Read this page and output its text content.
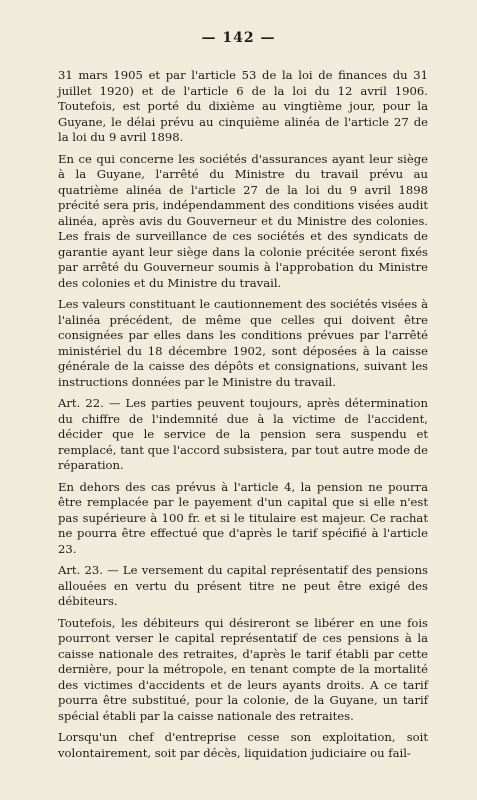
— 142 —

31 mars 1905 et par l'article 53 de la loi de finances du 31 juillet 1920) et de l'article 6 de la loi du 12 avril 1906. Toutefois, est porté du dixième au vingtième jour, pour la Guyane, le délai prévu au cinquième alinéa de l'article 27 de la loi du 9 avril 1898.

En ce qui concerne les sociétés d'assurances ayant leur siège à la Guyane, l'arrêté du Ministre du travail prévu au quatrième alinéa de l'article 27 de la loi du 9 avril 1898 précité sera pris, indépendamment des conditions visées audit alinéa, après avis du Gouverneur et du Ministre des colonies. Les frais de surveillance de ces sociétés et des syndicats de garantie ayant leur siège dans la colonie précitée seront fixés par arrêté du Gouverneur soumis à l'approbation du Ministre des colonies et du Ministre du travail.

Les valeurs constituant le cautionnement des sociétés visées à l'alinéa précédent, de même que celles qui doivent être consignées par elles dans les conditions prévues par l'arrêté ministériel du 18 décembre 1902, sont déposées à la caisse générale de la caisse des dépôts et consignations, suivant les instructions données par le Ministre du travail.

Art. 22. — Les parties peuvent toujours, après détermination du chiffre de l'indemnité due à la victime de l'accident, décider que le service de la pension sera suspendu et remplacé, tant que l'accord subsistera, par tout autre mode de réparation.

En dehors des cas prévus à l'article 4, la pension ne pourra être remplacée par le payement d'un capital que si elle n'est pas supérieure à 100 fr. et si le titulaire est majeur. Ce rachat ne pourra être effectué que d'après le tarif spécifié à l'article 23.

Art. 23. — Le versement du capital représentatif des pensions allouées en vertu du présent titre ne peut être exigé des débiteurs.

Toutefois, les débiteurs qui désireront se libérer en une fois pourront verser le capital représentatif de ces pensions à la caisse nationale des retraites, d'après le tarif établi par cette dernière, pour la métropole, en tenant compte de la mortalité des victimes d'accidents et de leurs ayants droits. A ce tarif pourra être substitué, pour la colonie, de la Guyane, un tarif spécial établi par la caisse nationale des retraites.

Lorsqu'un chef d'entreprise cesse son exploitation, soit volontairement, soit par décès, liquidation judiciaire ou fail-
